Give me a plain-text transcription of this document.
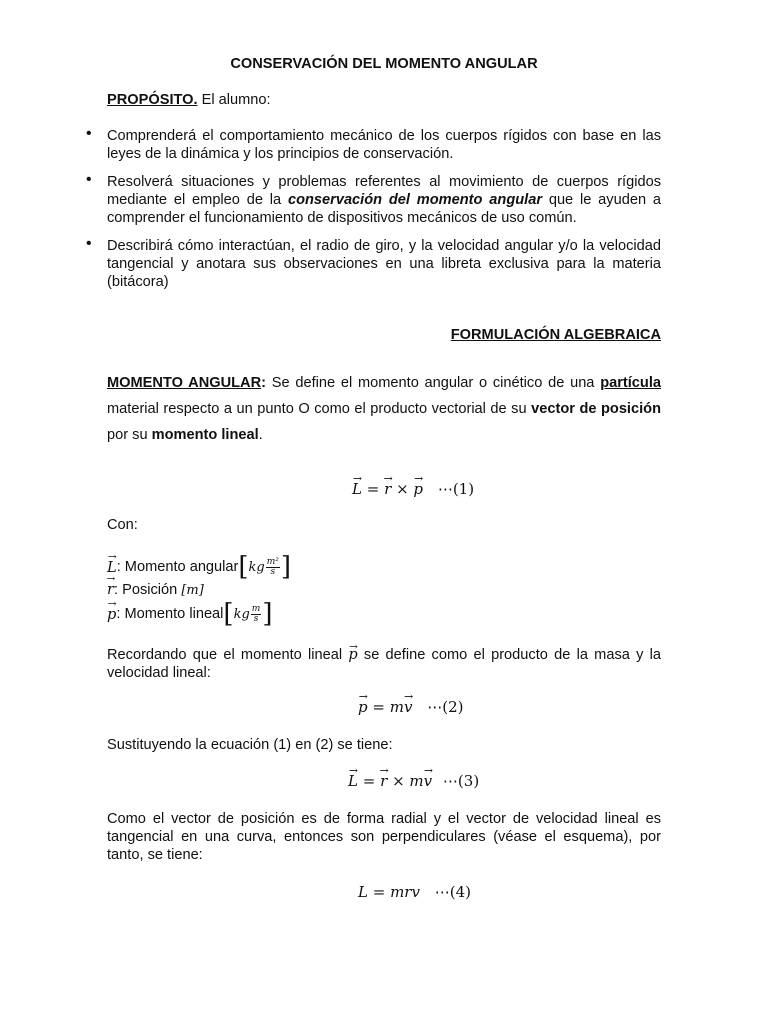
CONSERVACIÓN DEL MOMENTO ANGULAR
PROPÓSITO. El alumno:
• Comprenderá el comportamiento mecánico de los cuerpos rígidos con base en las leyes de la dinámica y los principios de conservación.
• Resolverá situaciones y problemas referentes al movimiento de cuerpos rígidos mediante el empleo de la conservación del momento angular que le ayuden a comprender el funcionamiento de dispositivos mecánicos de uso común.
• Describirá cómo interactúan, el radio de giro, y la velocidad angular y/o la velocidad tangencial y anotara sus observaciones en una libreta exclusiva para la materia (bitácora)
FORMULACIÓN ALGEBRAICA
MOMENTO ANGULAR: Se define el momento angular o cinético de una partícula material respecto a un punto O como el producto vectorial de su vector de posición por su momento lineal.
→ L = → r × → p ⋯(1)
Con:
→ L : Momento angular [ kg $\frac{\text{m²}}{s}$ ]
→ r: Posición [m]
→ p : Momento lineal [ kg $\frac{m}{s}$ ]
Recordando que el momento lineal → p se define como el producto de la masa y la velocidad lineal:
→ p = m→ v ⋯(2)
Sustituyendo la ecuación (1) en (2) se tiene:
→ L = → r × m→ v ⋯(3)
Como el vector de posición es de forma radial y el vector de velocidad lineal es tangencial en una curva, entonces son perpendiculares (véase el esquema), por tanto, se tiene:
L = mrv ⋯(4)
